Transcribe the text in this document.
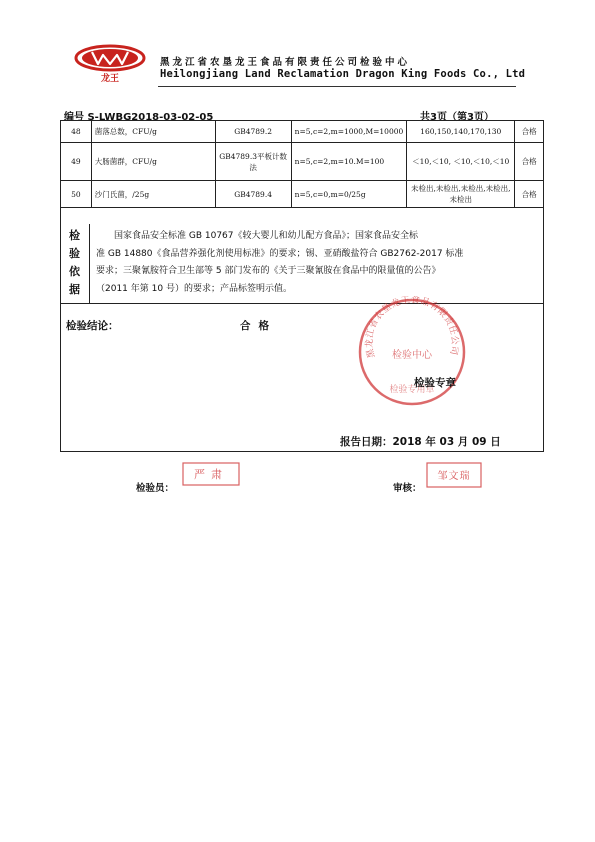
龙王
黑龙江省农垦龙王食品有限责任公司检验中心
Heilongjiang Land Reclamation Dragon King Foods Co., Ltd
编号 S-LWBG2018-03-02-05	共3页（第3页）
48	菌落总数，CFU/g	GB4789.2	n=5,c=2,m=1000,M=10000	160,150,140,170,130	合格
49	大肠菌群，CFU/g	GB4789.3平板计数法	n=5,c=2,m=10.M=100	＜10,＜10, ＜10,＜10,＜10	合格
50	沙门氏菌，/25g	GB4789.4	n=5,c=0,m=0/25g	未检出,未检出,未检出,未检出,未检出	合格
检
验
依
据
国家食品安全标准 GB 10767《较大婴儿和幼儿配方食品》；国家食品安全标
准 GB 14880《食品营养强化剂使用标准》的要求；锡、亚硝酸盐符合 GB2762-2017 标准
要求；三聚氰胺符合卫生部等 5 部门发布的《关于三聚氰胺在食品中的限量值的公告》
（2011 年第 10 号）的要求；产品标签明示值。
检验结论：	合格
黑龙江省农垦龙王食品有限责任公司
检验中心
检验专用章
检验专章
报告日期：2018 年 03 月 09 日
检验员：
严肃
审核：
邹文瑞
